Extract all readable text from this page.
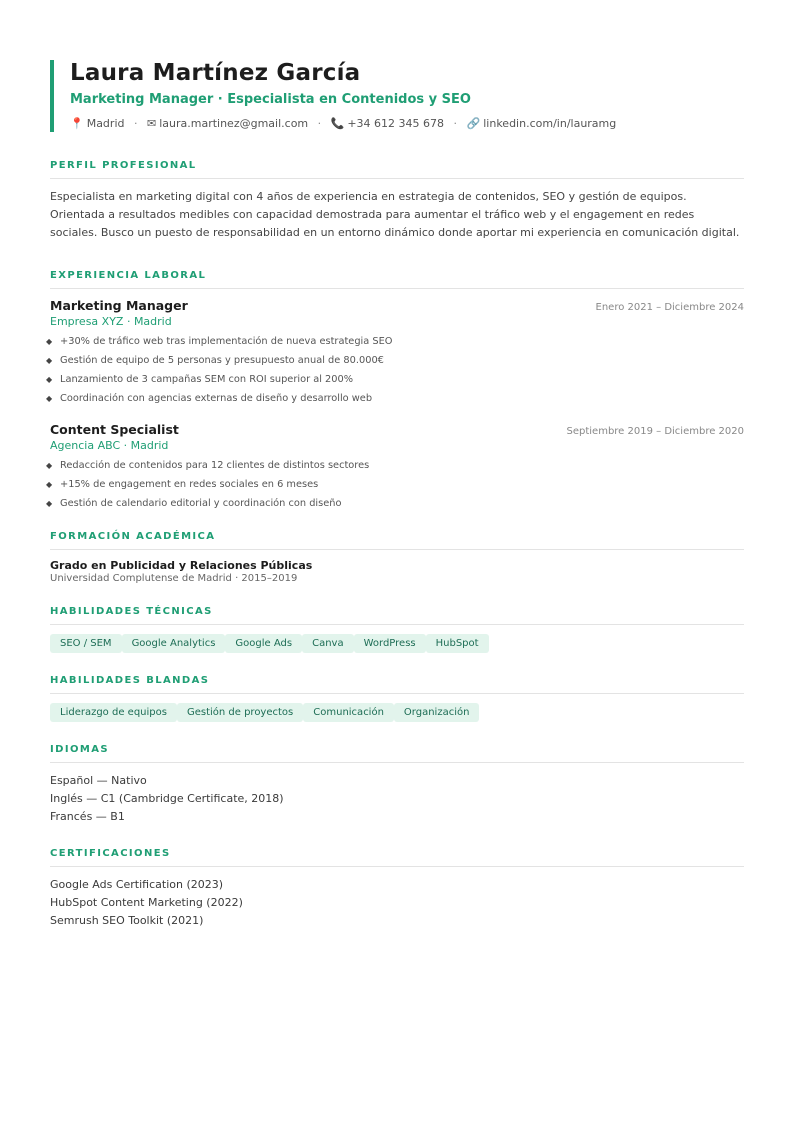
Laura Martínez García
Marketing Manager · Especialista en Contenidos y SEO
📍 Madrid · ✉ laura.martinez@gmail.com · 📞 +34 612 345 678 · 🔗 linkedin.com/in/lauramg
PERFIL PROFESIONAL

Especialista en marketing digital con 4 años de experiencia en estrategia de contenidos, SEO y gestión de equipos. Orientada a resultados medibles con capacidad demostrada para aumentar el tráfico web y el engagement en redes sociales. Busco un puesto de responsabilidad en un entorno dinámico donde aportar mi experiencia en comunicación digital.

EXPERIENCIA LABORAL
Marketing Manager	Enero 2021 – Diciembre 2024
Empresa XYZ · Madrid
◆ +30% de tráfico web tras implementación de nueva estrategia SEO
◆ Gestión de equipo de 5 personas y presupuesto anual de 80.000€
◆ Lanzamiento de 3 campañas SEM con ROI superior al 200%
◆ Coordinación con agencias externas de diseño y desarrollo web
Content Specialist	Septiembre 2019 – Diciembre 2020
Agencia ABC · Madrid
◆ Redacción de contenidos para 12 clientes de distintos sectores
◆ +15% de engagement en redes sociales en 6 meses
◆ Gestión de calendario editorial y coordinación con diseño
FORMACIÓN ACADÉMICA
Grado en Publicidad y Relaciones Públicas
Universidad Complutense de Madrid · 2015–2019
HABILIDADES TÉCNICAS
SEO / SEM	Google Analytics	Google Ads	Canva	WordPress	HubSpot
HABILIDADES BLANDAS
Liderazgo de equipos	Gestión de proyectos	Comunicación	Organización
IDIOMAS
Español — Nativo
Inglés — C1 (Cambridge Certificate, 2018)
Francés — B1
CERTIFICACIONES
Google Ads Certification (2023)
HubSpot Content Marketing (2022)
Semrush SEO Toolkit (2021)
